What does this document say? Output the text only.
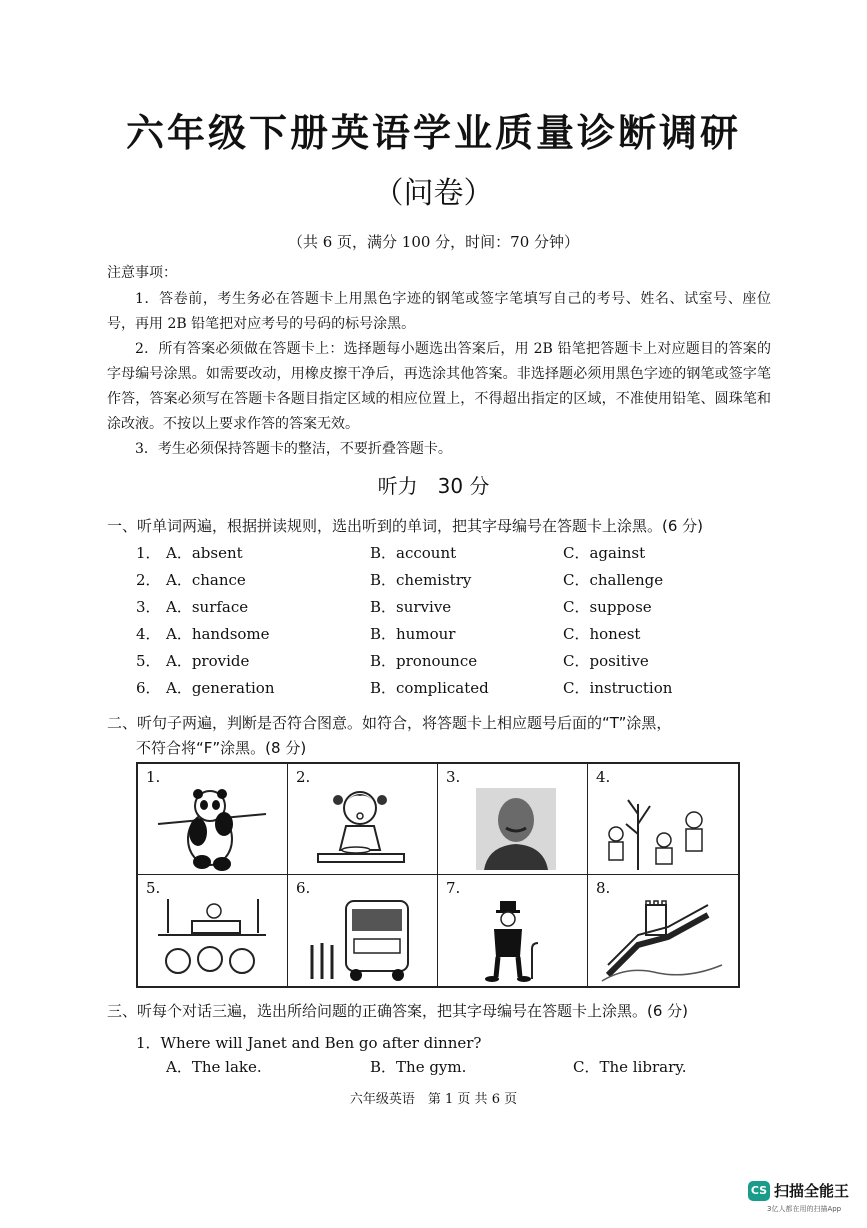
六年级下册英语学业质量诊断调研
（问卷）
（共 6 页，满分 100 分，时间：70 分钟）
注意事项：

1．答卷前，考生务必在答题卡上用黑色字迹的钢笔或签字笔填写自己的考号、姓名、试室号、座位号，再用 2B 铅笔把对应考号的号码的标号涂黑。

2．所有答案必须做在答题卡上：选择题每小题选出答案后，用 2B 铅笔把答题卡上对应题目的答案的字母编号涂黑。如需要改动，用橡皮擦干净后，再选涂其他答案。非选择题必须用黑色字迹的钢笔或签字笔作答，答案必须写在答题卡各题目指定区域的相应位置上，不得超出指定的区域，不准使用铅笔、圆珠笔和涂改液。不按以上要求作答的答案无效。

3．考生必须保持答题卡的整洁，不要折叠答题卡。

听力　30 分
一、听单词两遍，根据拼读规则，选出听到的单词，把其字母编号在答题卡上涂黑。(6 分)
1． A．absent	B．account	C．against
2． A．chance	B．chemistry	C．challenge
3． A．surface	B．survive	C．suppose
4． A．handsome	B．humour	C．honest
5． A．provide	B．pronounce	C．positive
6． A．generation	B．complicated	C．instruction
二、听句子两遍，判断是否符合图意。如符合，将答题卡上相应题号后面的“T”涂黑，
不符合将“F”涂黑。(8 分)
1.	2.	3.	4.
5.	6.	7.	8.
三、听每个对话三遍，选出所给问题的正确答案，把其字母编号在答题卡上涂黑。(6 分)
1．Where will Janet and Ben go after dinner?
A．The lake.	B．The gym.	C．The library.
六年级英语　第 1 页 共 6 页
CS 扫描全能王
3亿人都在用的扫描App
